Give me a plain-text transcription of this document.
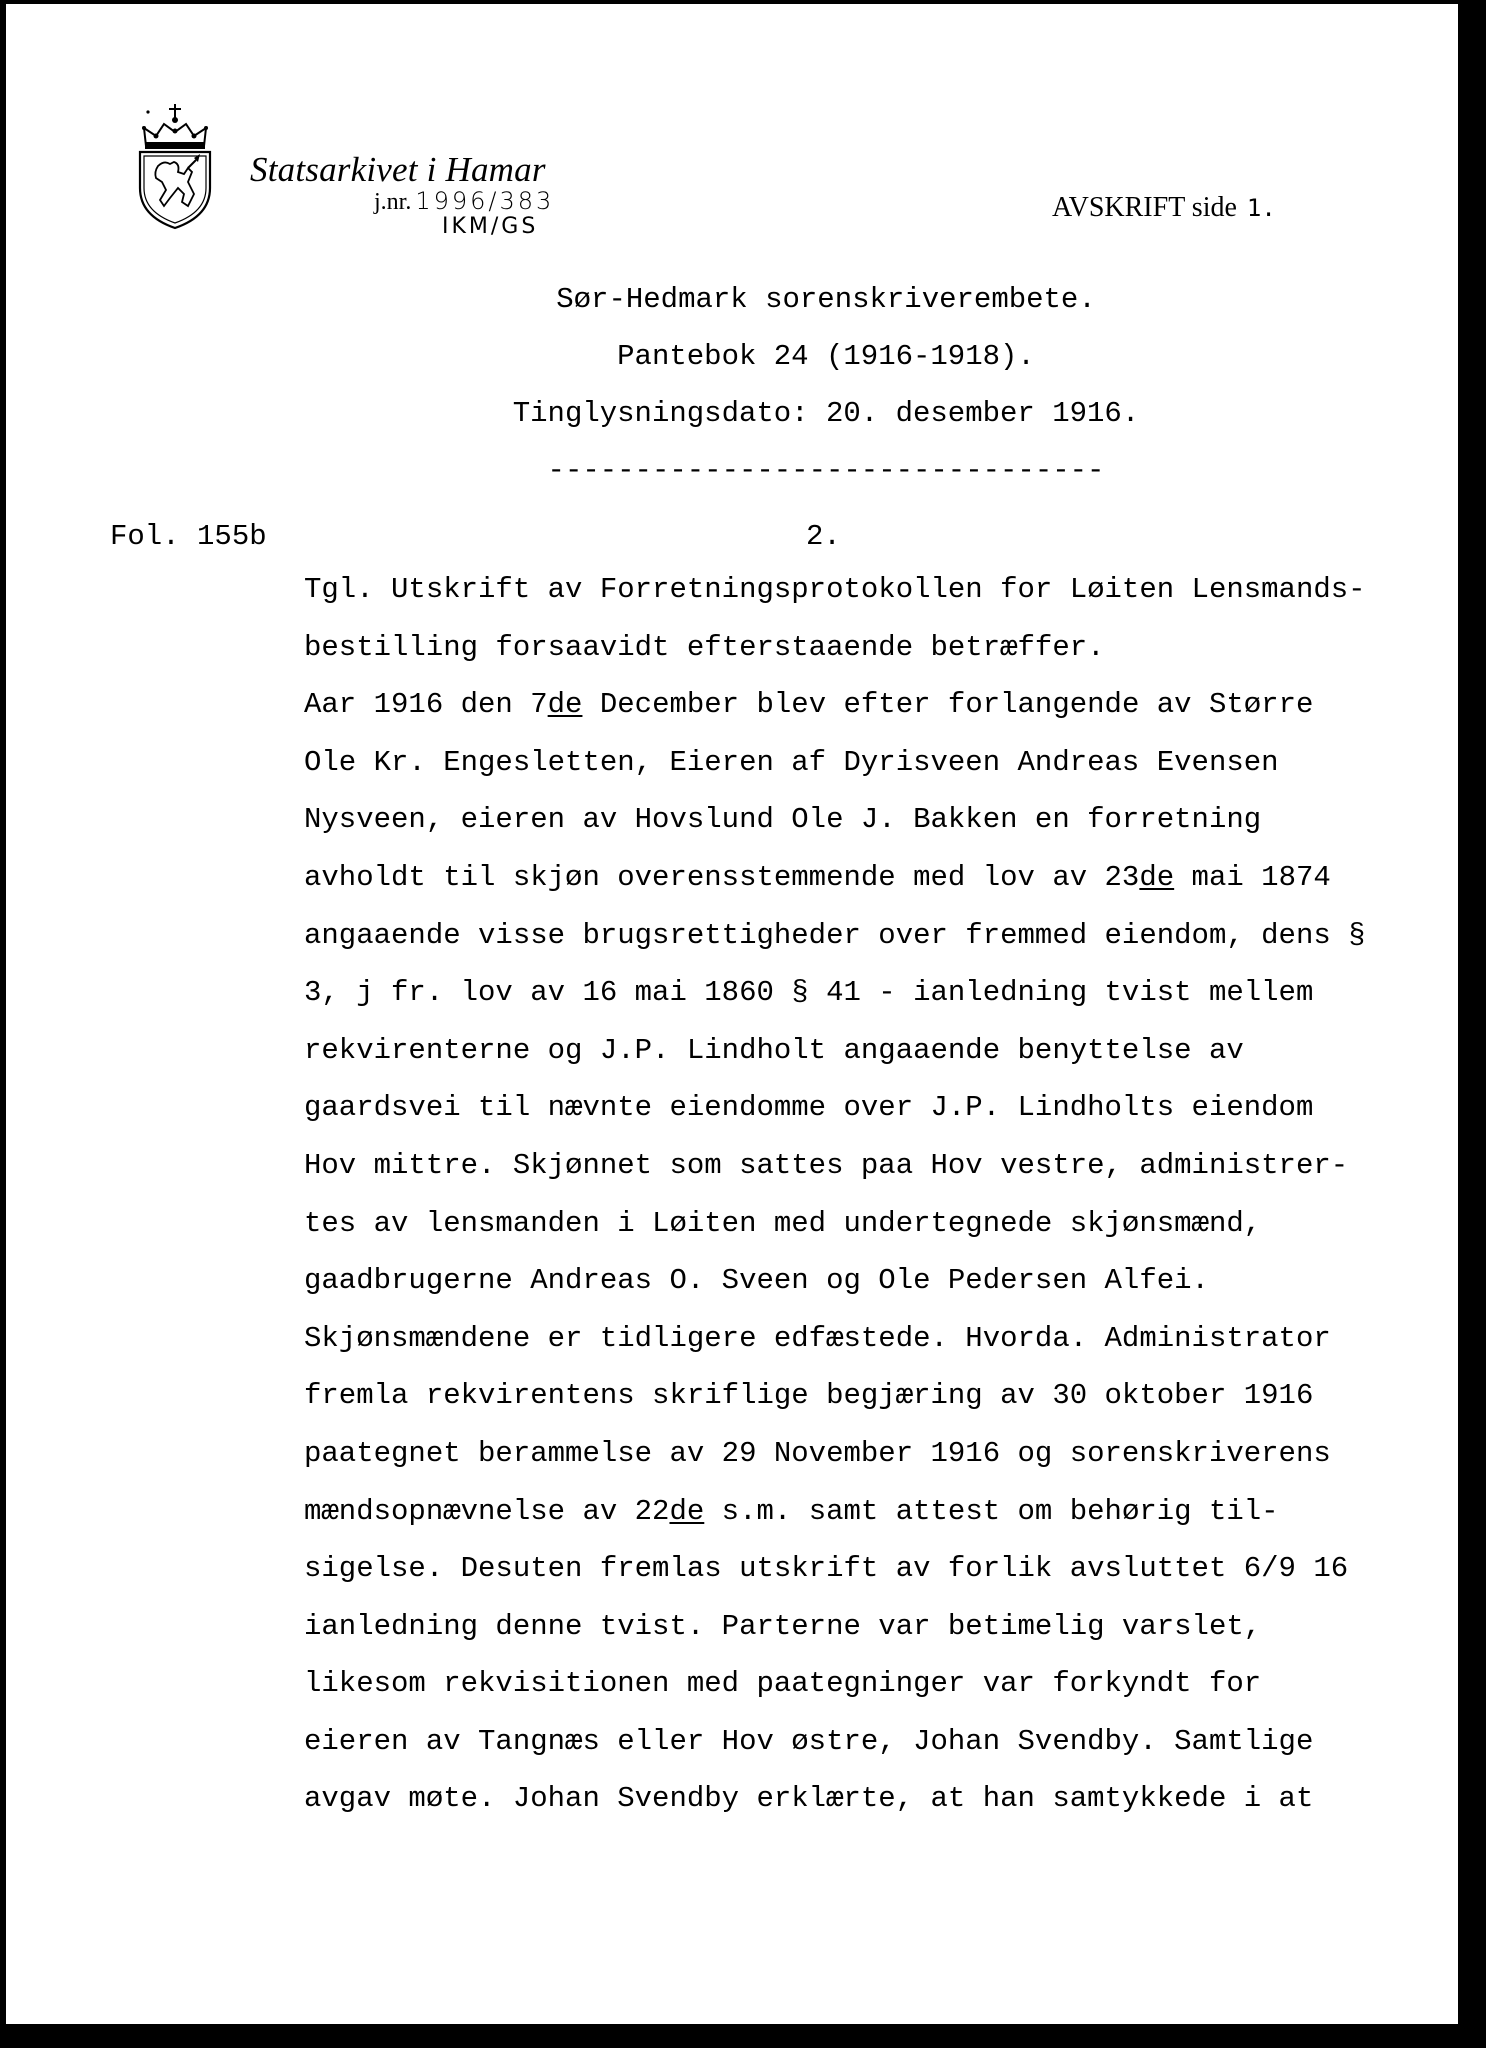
Statsarkivet i Hamar
j.nr. 1996/383
IKM/GS
AVSKRIFT side 1.
Sør-Hedmark sorenskriverembete.
Pantebok 24 (1916-1918).
Tinglysningsdato: 20. desember 1916.
--------------------------------
Fol. 155b	2.
Tgl. Utskrift av Forretningsprotokollen for Løiten Lensmands-
bestilling forsaavidt efterstaaende betræffer.
Aar 1916 den 7de December blev efter forlangende av Større
Ole Kr. Engesletten, Eieren af Dyrisveen Andreas Evensen
Nysveen, eieren av Hovslund Ole J. Bakken en forretning
avholdt til skjøn overensstemmende med lov av 23de mai 1874
angaaende visse brugsrettigheder over fremmed eiendom, dens §
3, j fr. lov av 16 mai 1860 § 41 - ianledning tvist mellem
rekvirenterne og J.P. Lindholt angaaende benyttelse av
gaardsvei til nævnte eiendomme over J.P. Lindholts eiendom
Hov mittre. Skjønnet som sattes paa Hov vestre, administrer-
tes av lensmanden i Løiten med undertegnede skjønsmænd,
gaadbrugerne Andreas O. Sveen og Ole Pedersen Alfei.
Skjønsmændene er tidligere edfæstede. Hvorda. Administrator
fremla rekvirentens skriflige begjæring av 30 oktober 1916
paategnet berammelse av 29 November 1916 og sorenskriverens
mændsopnævnelse av 22de s.m. samt attest om behørig til-
sigelse. Desuten fremlas utskrift av forlik avsluttet 6/9 16
ianledning denne tvist. Parterne var betimelig varslet,
likesom rekvisitionen med paategninger var forkyndt for
eieren av Tangnæs eller Hov østre, Johan Svendby. Samtlige
avgav møte. Johan Svendby erklærte, at han samtykkede i at
